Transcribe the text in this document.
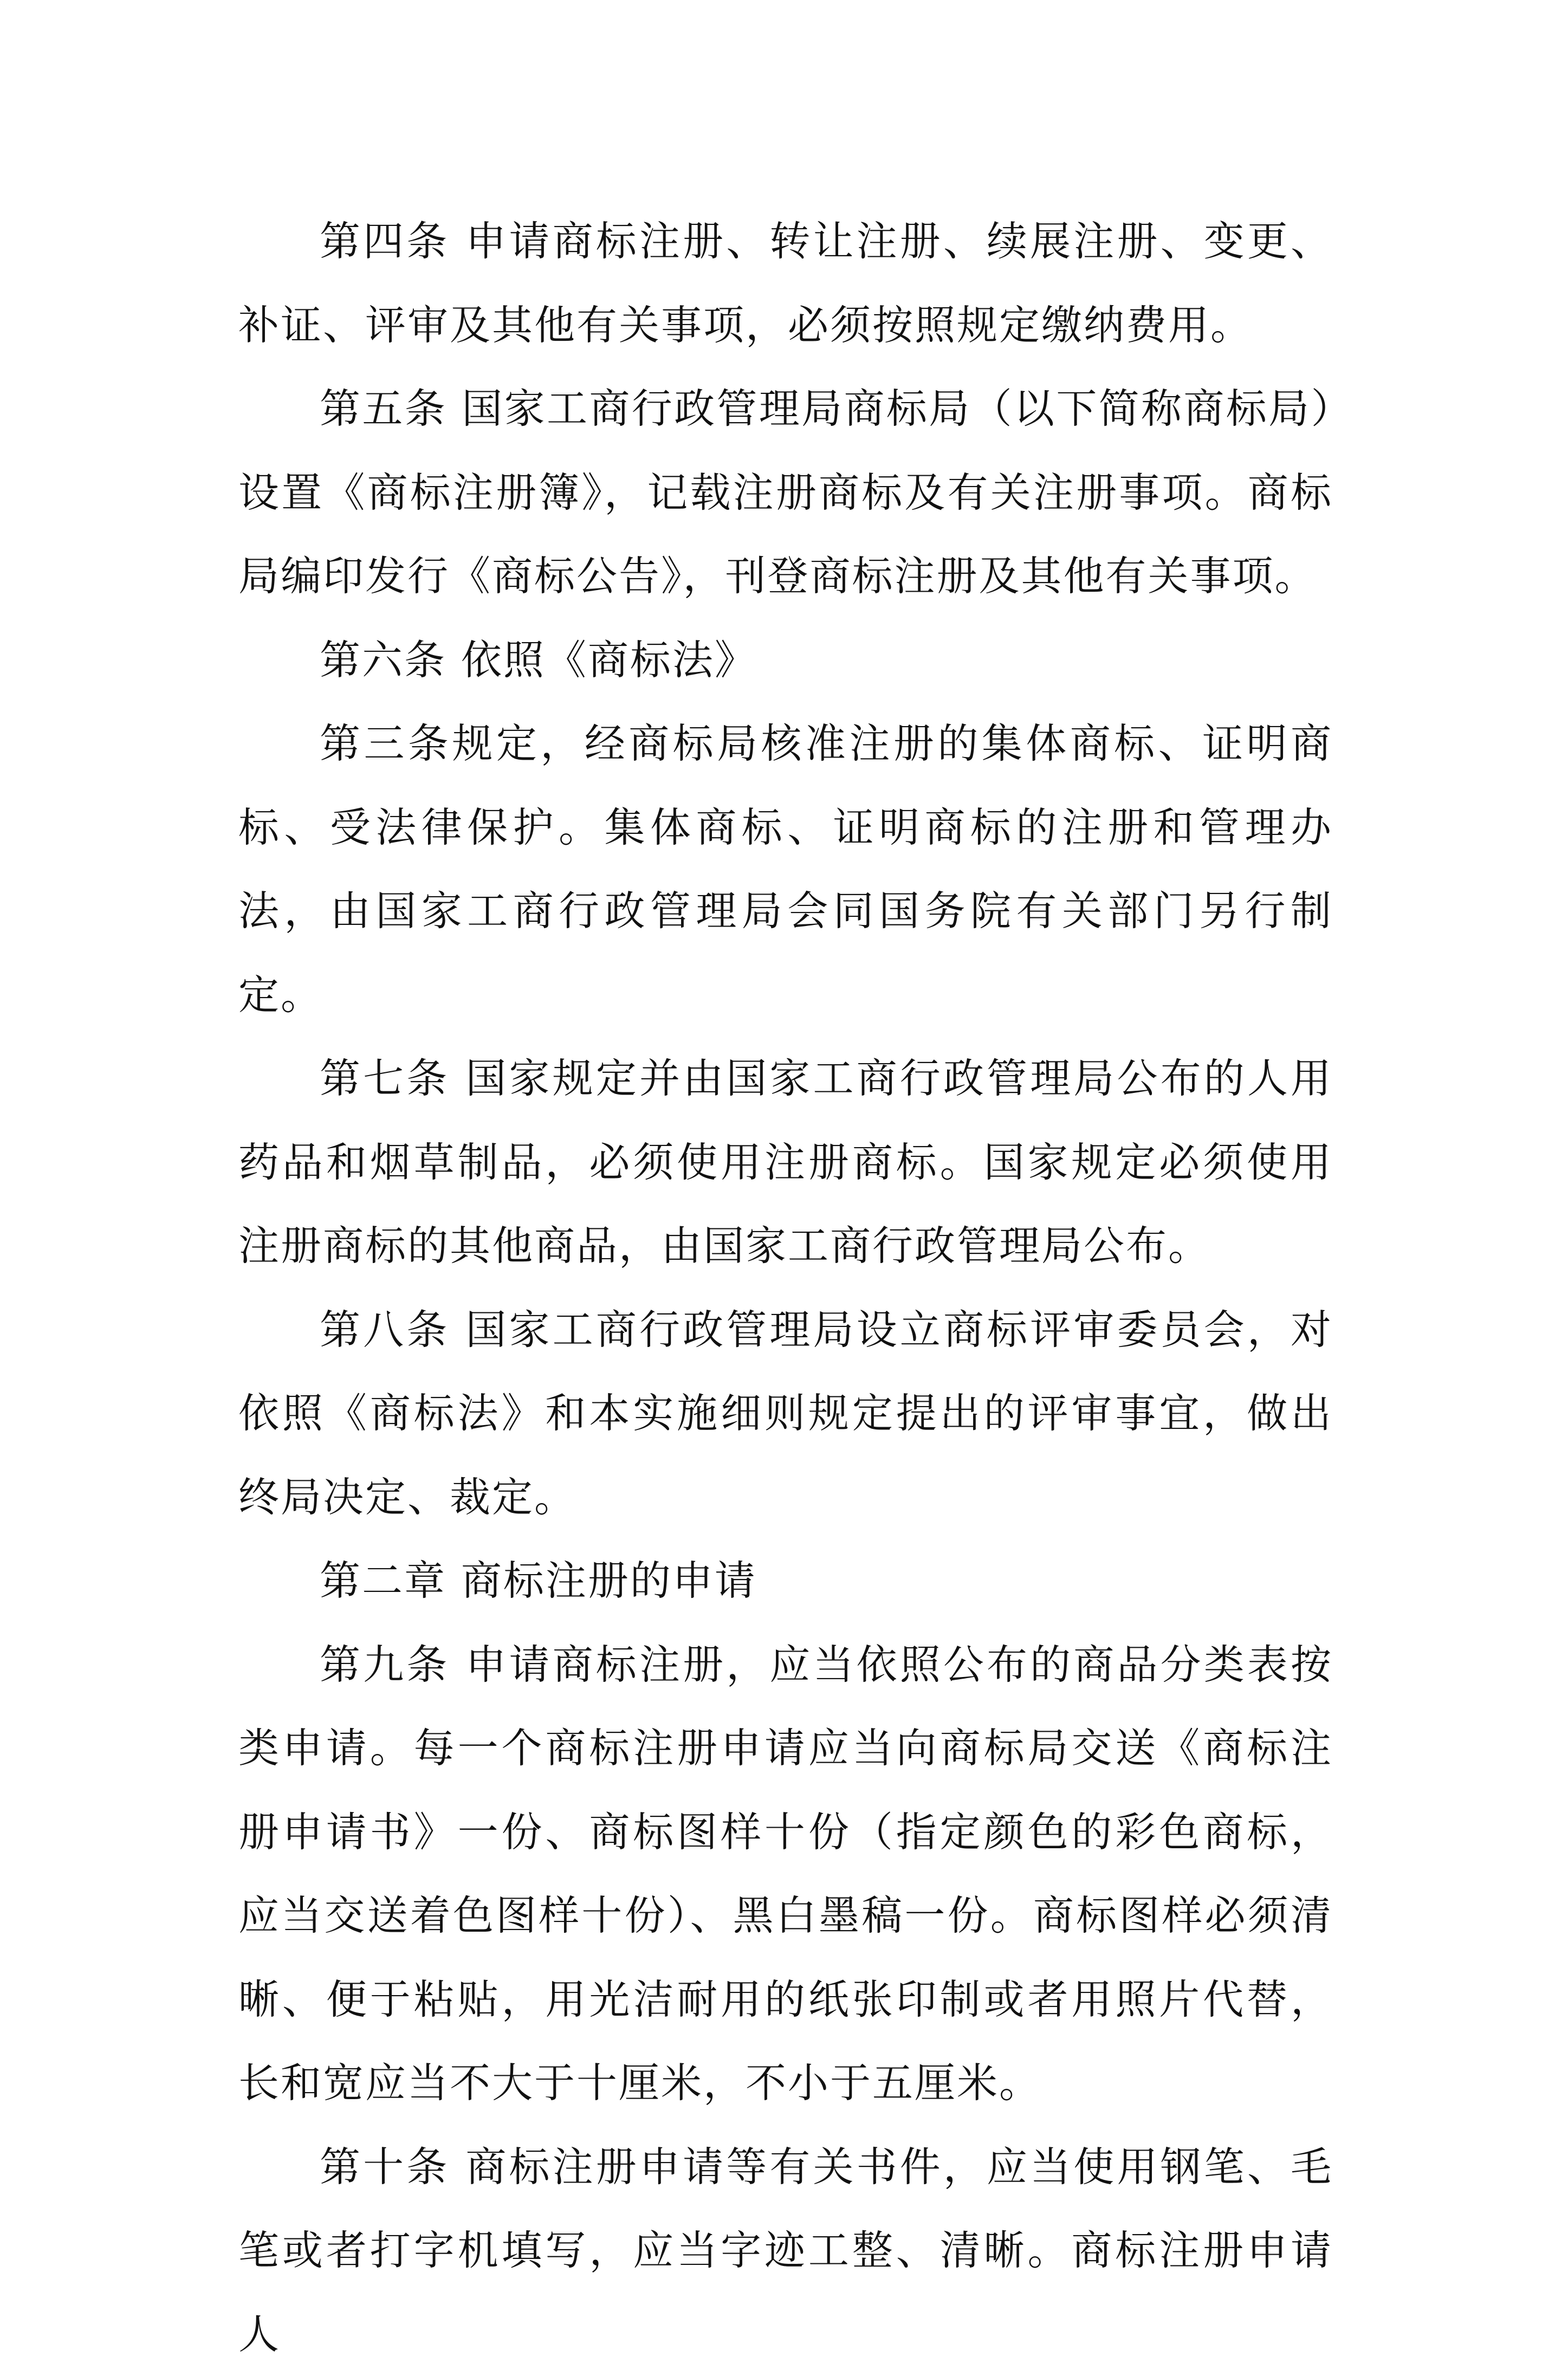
第四条 申请商标注册、转让注册、续展注册、变更、补证、评审及其他有关事项，必须按照规定缴纳费用。

第五条 国家工商行政管理局商标局（以下简称商标局）设置《商标注册簿》，记载注册商标及有关注册事项。商标局编印发行《商标公告》，刊登商标注册及其他有关事项。

第六条 依照《商标法》

第三条规定，经商标局核准注册的集体商标、证明商标、受法律保护。集体商标、证明商标的注册和管理办法，由国家工商行政管理局会同国务院有关部门另行制定。

第七条 国家规定并由国家工商行政管理局公布的人用药品和烟草制品，必须使用注册商标。国家规定必须使用注册商标的其他商品，由国家工商行政管理局公布。

第八条 国家工商行政管理局设立商标评审委员会，对依照《商标法》和本实施细则规定提出的评审事宜，做出终局决定、裁定。

第二章 商标注册的申请

第九条 申请商标注册，应当依照公布的商品分类表按类申请。每一个商标注册申请应当向商标局交送《商标注册申请书》一份、商标图样十份（指定颜色的彩色商标，应当交送着色图样十份）、黑白墨稿一份。商标图样必须清晰、便于粘贴，用光洁耐用的纸张印制或者用照片代替，长和宽应当不大于十厘米，不小于五厘米。

第十条 商标注册申请等有关书件，应当使用钢笔、毛笔或者打字机填写，应当字迹工整、清晰。商标注册申请人
